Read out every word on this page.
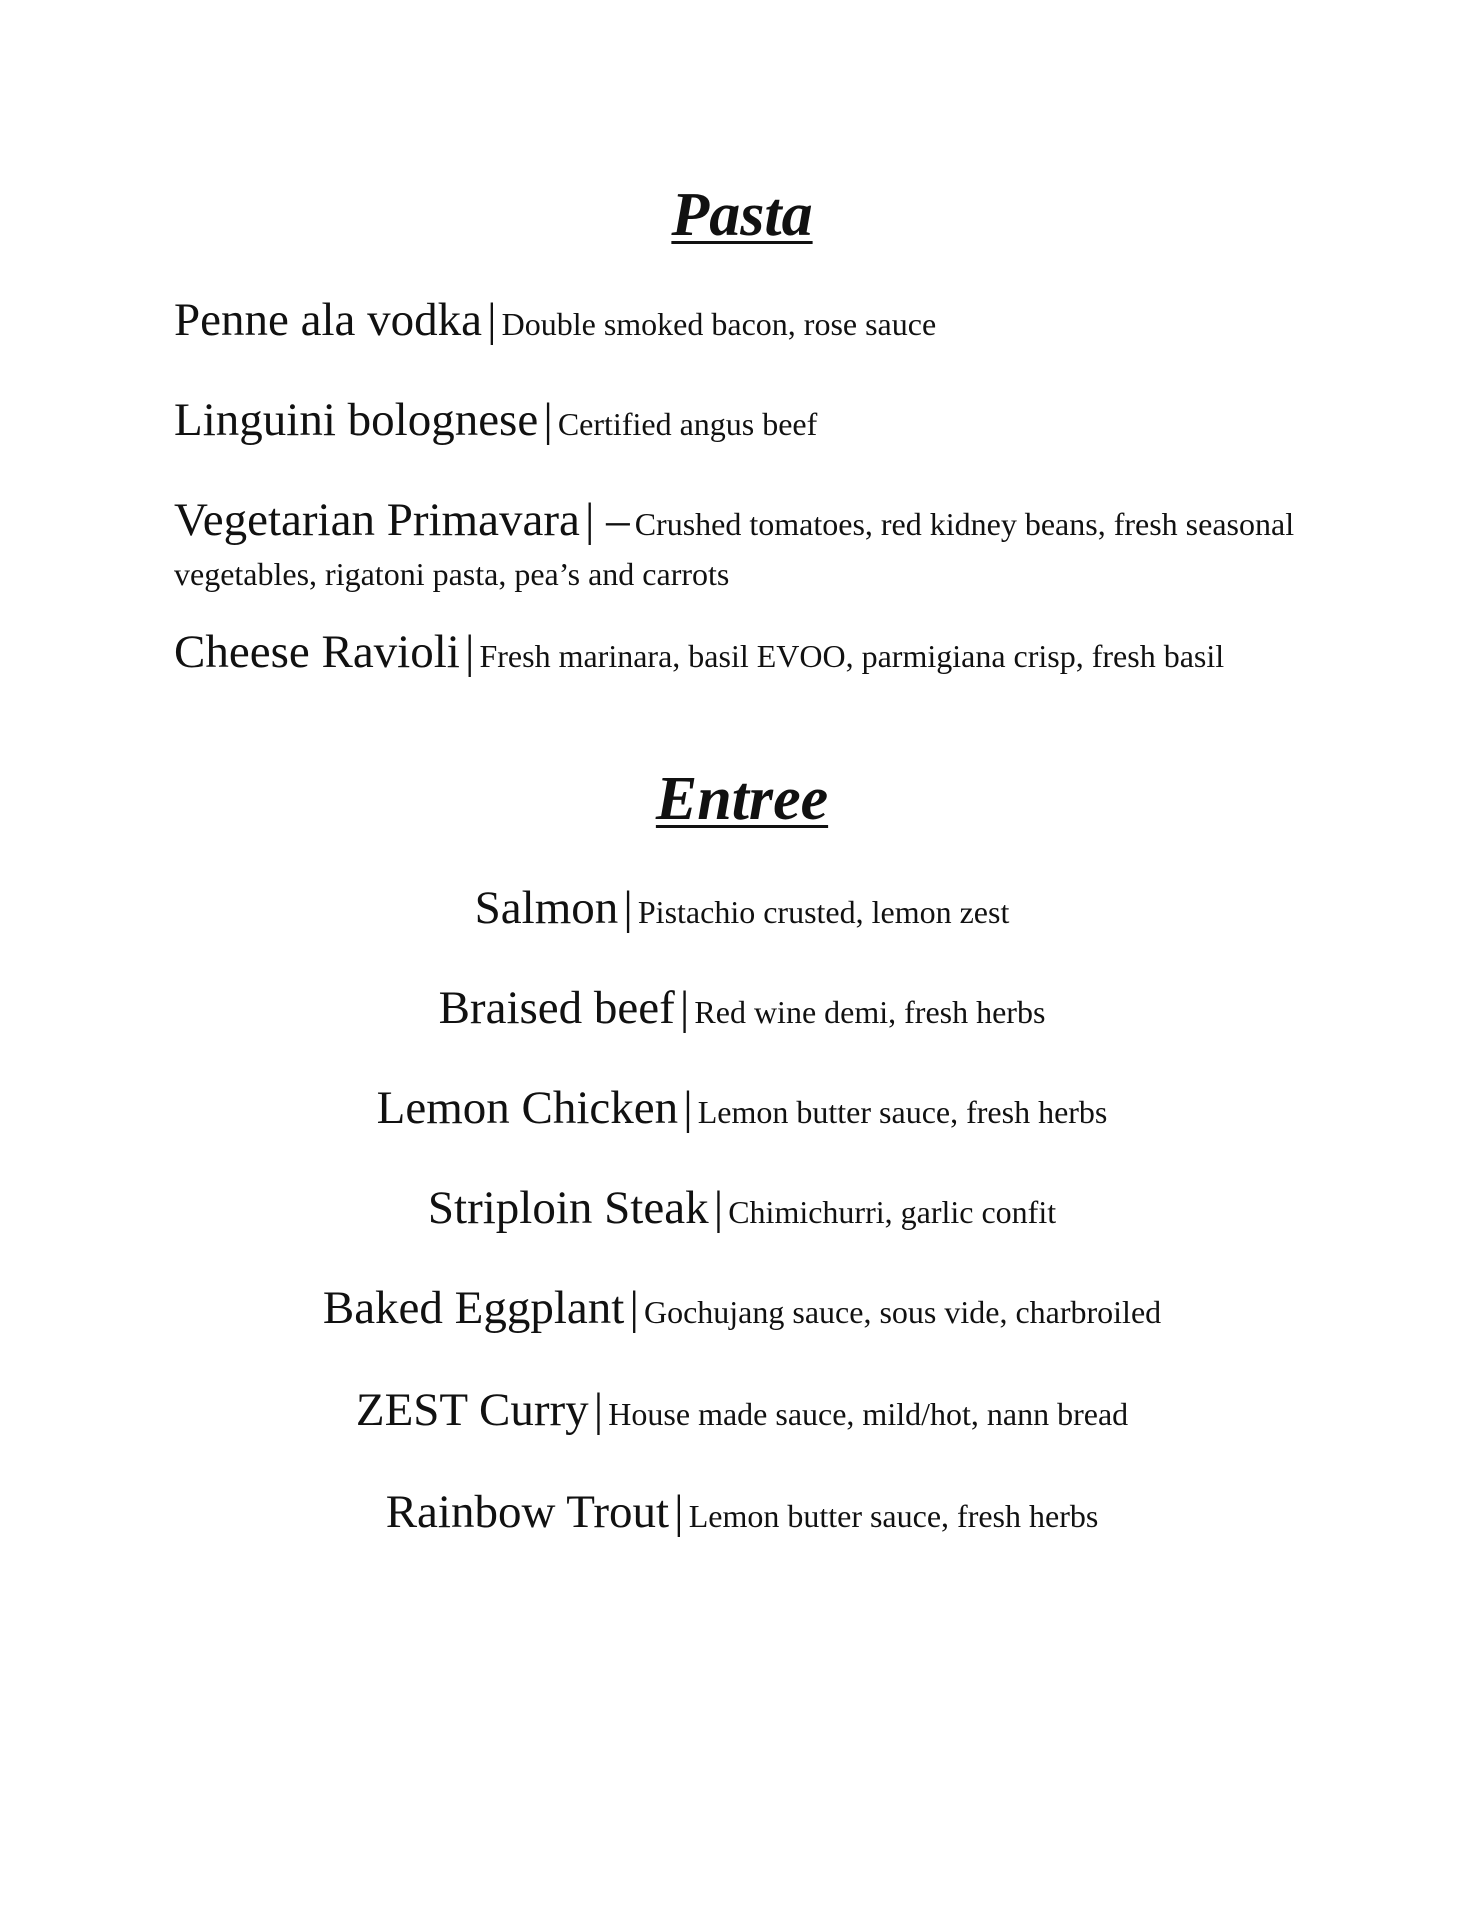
Pasta

Penne ala vodka | Double smoked bacon, rose sauce

Linguini bolognese | Certified angus beef

Vegetarian Primavara | – Crushed tomatoes, red kidney beans, fresh seasonal vegetables, rigatoni pasta, pea’s and carrots

Cheese Ravioli | Fresh marinara, basil EVOO, parmigiana crisp, fresh basil

Entree

Salmon | Pistachio crusted, lemon zest

Braised beef | Red wine demi, fresh herbs

Lemon Chicken | Lemon butter sauce, fresh herbs

Striploin Steak | Chimichurri, garlic confit

Baked Eggplant | Gochujang sauce, sous vide, charbroiled

ZEST Curry | House made sauce, mild/hot, nann bread

Rainbow Trout | Lemon butter sauce, fresh herbs
